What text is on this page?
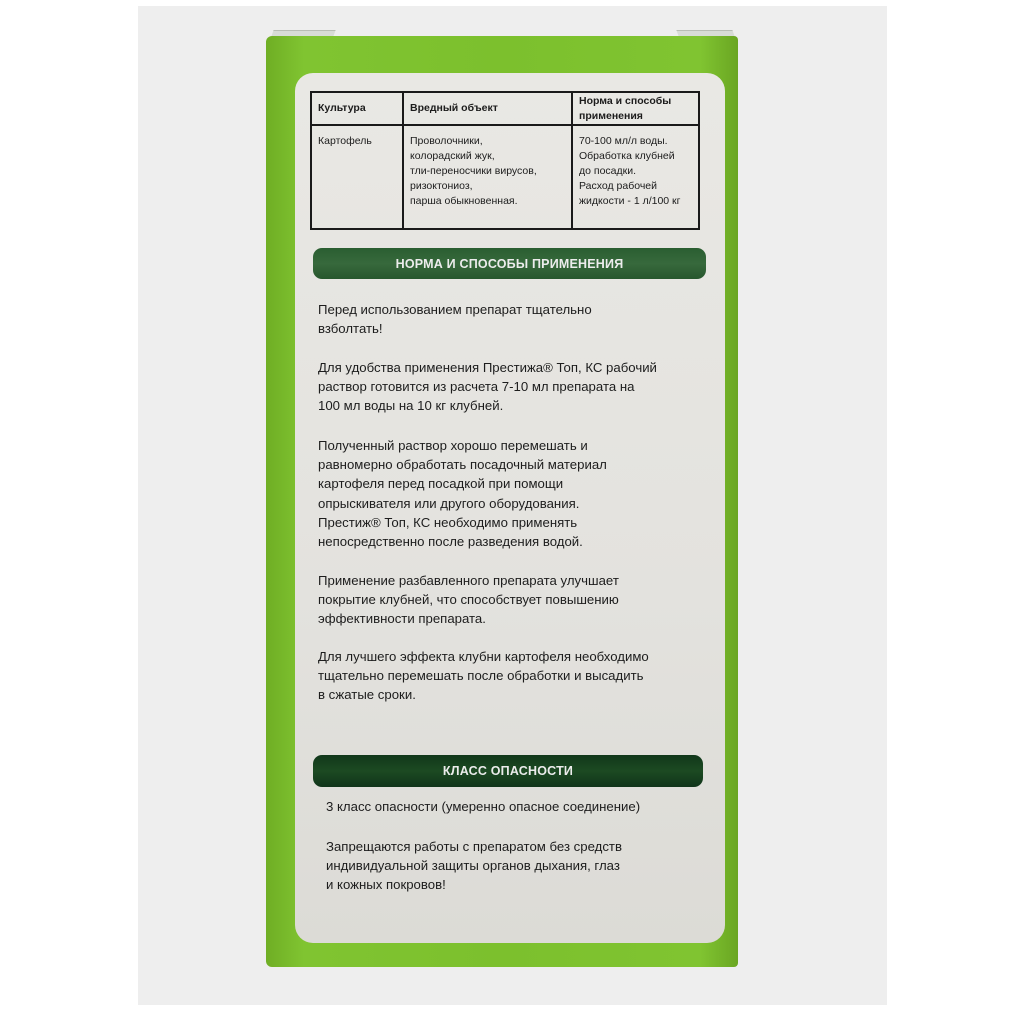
Культура	Вредный объект
Норма и способы
применения
Картофель	Проволочники,
колорадский жук,
тли-переносчики вирусов,
ризоктониоз,
парша обыкновенная.
70-100 мл/л воды.
Обработка клубней
до посадки.
Расход рабочей
жидкости - 1 л/100 кг
НОРМА И СПОСОБЫ ПРИМЕНЕНИЯ
Перед использованием препарат тщательно
взболтать!
Для удобства применения Престижа® Топ, КС рабочий
раствор готовится из расчета 7-10 мл препарата на
100 мл воды на 10 кг клубней.
Полученный раствор хорошо перемешать и
равномерно обработать посадочный материал
картофеля перед посадкой при помощи
опрыскивателя или другого оборудования.
Престиж® Топ, КС необходимо применять
непосредственно после разведения водой.
Применение разбавленного препарата улучшает
покрытие клубней, что способствует повышению
эффективности препарата.
Для лучшего эффекта клубни картофеля необходимо
тщательно перемешать после обработки и высадить
в сжатые сроки.
КЛАСС ОПАСНОСТИ
3 класс опасности (умеренно опасное соединение)
Запрещаются работы с препаратом без средств
индивидуальной защиты органов дыхания, глаз
и кожных покровов!
